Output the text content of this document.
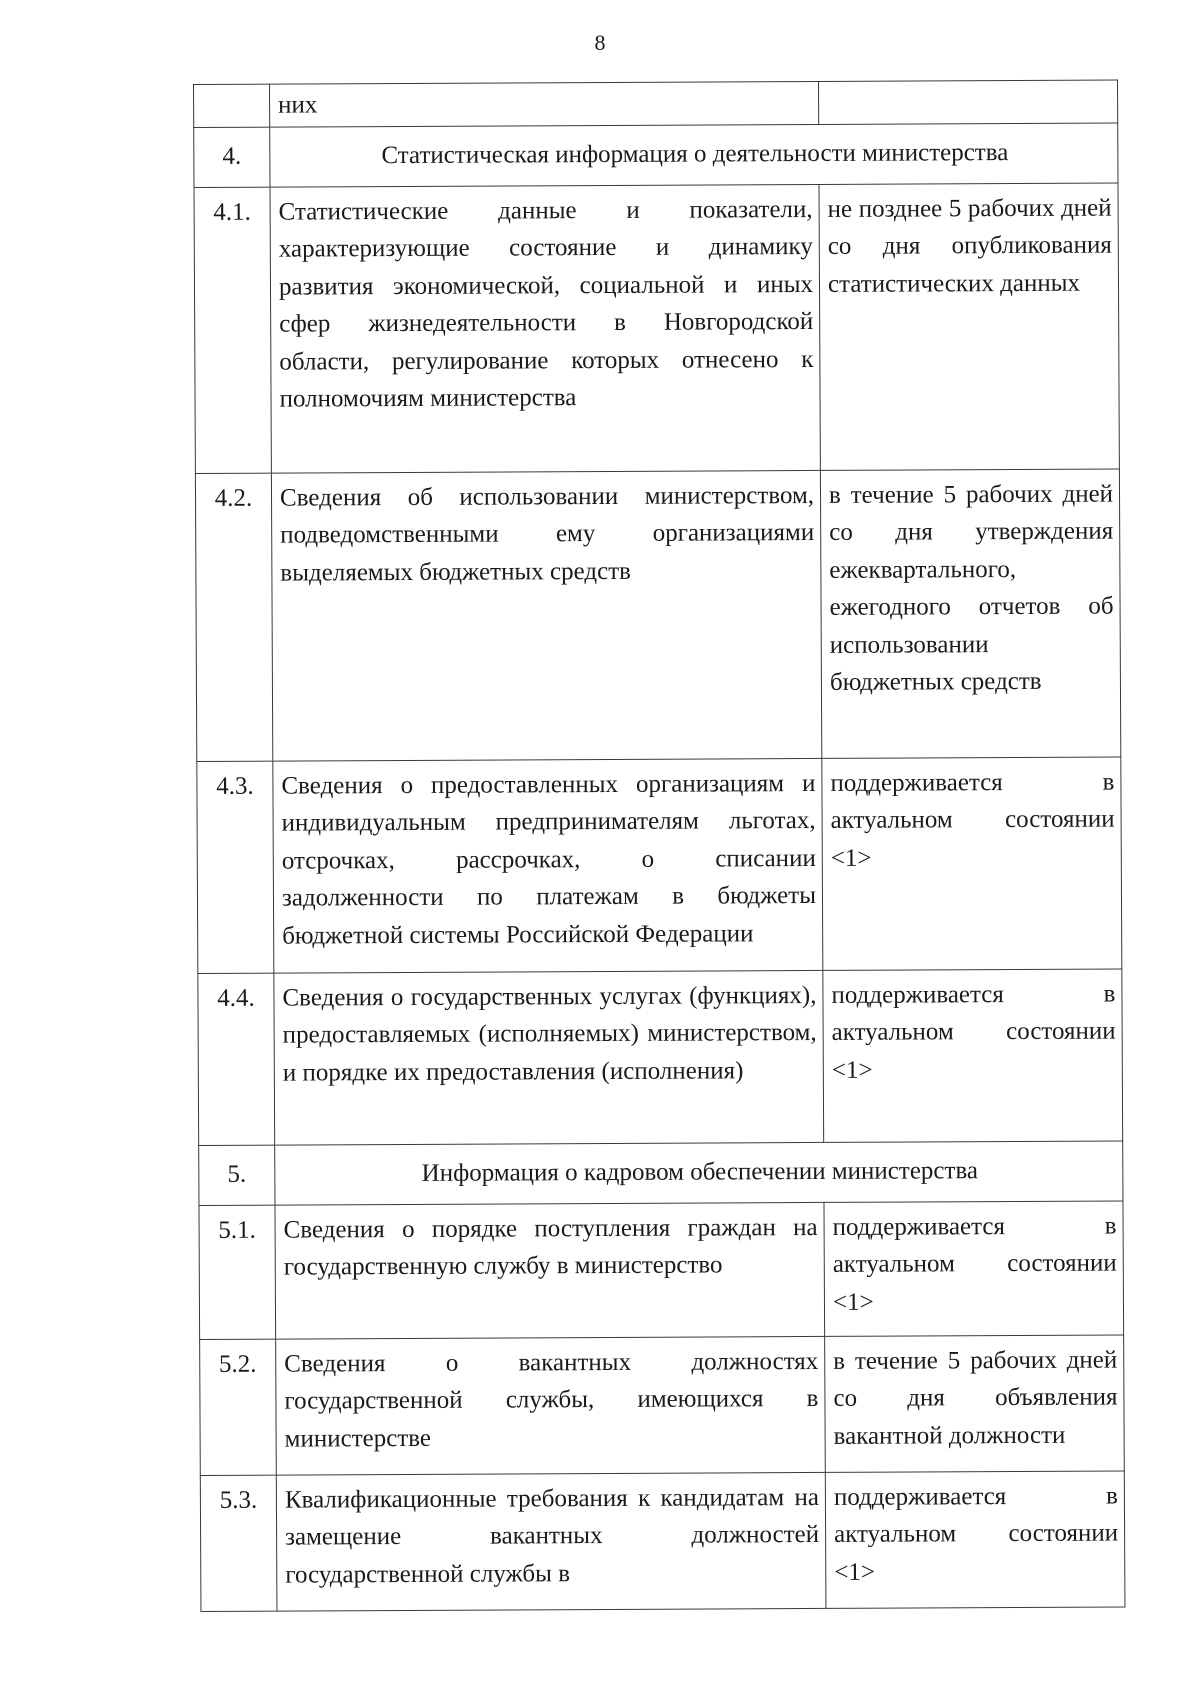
8
	них	
4.	Статистическая информация о деятельности министерства	
4.1.	Статистические данные и показатели, характеризующие состояние и динамику развития экономической, социальной и иных сфер жизнедеятельности в Новгородской области, регулирование которых отнесено к полномочиям министерства	не позднее 5 рабочих дней со дня опубликования статистических данных
4.2.	Сведения об использовании министерством, подведомственными ему организациями выделяемых бюджетных средств	в течение 5 рабочих дней со дня утверждения ежеквартального, ежегодного отчетов об использовании бюджетных средств
4.3.	Сведения о предоставленных организациям и индивидуальным предпринимателям льготах, отсрочках, рассрочках, о списании задолженности по платежам в бюджеты бюджетной системы Российской Федерации	поддерживается в актуальном состоянии <1>
4.4.	Сведения о государственных услугах (функциях), предоставляемых (исполняемых) министерством, и порядке их предоставления (исполнения)	поддерживается в актуальном состоянии <1>
5.	Информация о кадровом обеспечении министерства	
5.1.	Сведения о порядке поступления граждан на государственную службу в министерство	поддерживается в актуальном состоянии <1>
5.2.	Сведения о вакантных должностях государственной службы, имеющихся в министерстве	в течение 5 рабочих дней со дня объявления вакантной должности
5.3.	Квалификационные требования к кандидатам на замещение вакантных должностей государственной службы в	поддерживается в актуальном состоянии <1>
